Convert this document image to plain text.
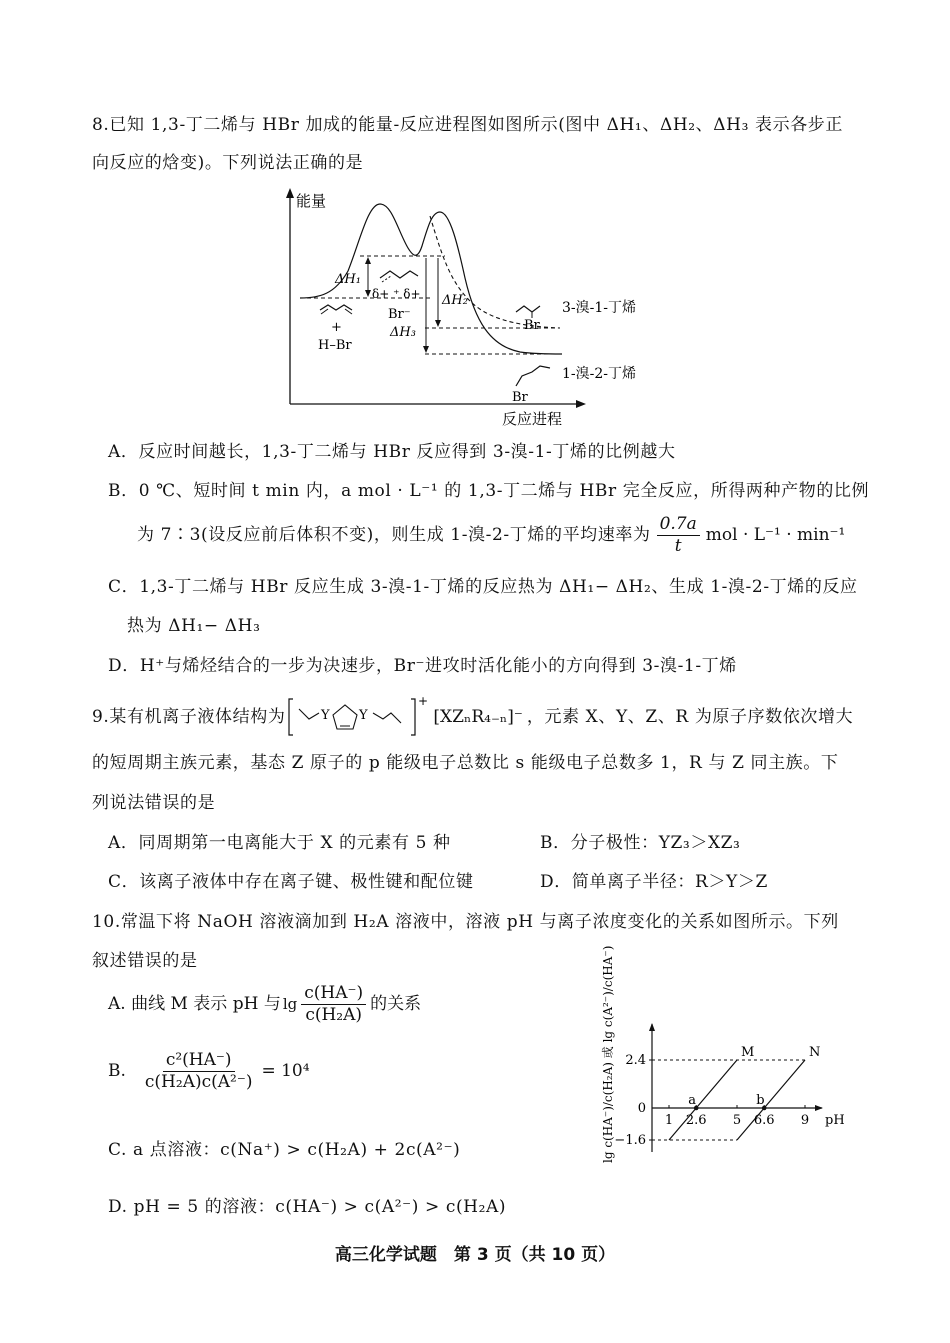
8.已知 1,3-丁二烯与 HBr 加成的能量-反应进程图如图所示(图中 ΔH₁、ΔH₂、ΔH₃ 表示各步正
向反应的焓变)。下列说法正确的是
能量
反应进程
ΔH₁
ΔH₂
ΔH₃
+
H–Br
δ+ ⁺ δ+
Br⁻
Br
3-溴-1-丁烯
Br
1-溴-2-丁烯
A．反应时间越长，1,3-丁二烯与 HBr 反应得到 3-溴-1-丁烯的比例越大
B．0 ℃、短时间 t min 内，a mol · L⁻¹ 的 1,3-丁二烯与 HBr 完全反应，所得两种产物的比例
为 7∶3(设反应前后体积不变)，则生成 1-溴-2-丁烯的平均速率为 $\frac{0.7a}{t}$ mol · L⁻¹ · min⁻¹
C．1,3-丁二烯与 HBr 反应生成 3-溴-1-丁烯的反应热为 ΔH₁− ΔH₂、生成 1-溴-2-丁烯的反应
热为 ΔH₁− ΔH₃
D．H⁺与烯烃结合的一步为决速步，Br⁻进攻时活化能小的方向得到 3-溴-1-丁烯
9.某有机离子液体结构为	Y Y
+
[XZₙR₄₋ₙ]⁻ ，元素 X、Y、Z、R 为原子序数依次增大
的短周期主族元素，基态 Z 原子的 p 能级电子总数比 s 能级电子总数多 1，R 与 Z 同主族。下
列说法错误的是
A．同周期第一电离能大于 X 的元素有 5 种	B．分子极性：YZ₃＞XZ₃
C．该离子液体中存在离子键、极性键和配位键	D．简单离子半径：R＞Y＞Z
10.常温下将 NaOH 溶液滴加到 H₂A 溶液中，溶液 pH 与离子浓度变化的关系如图所示。下列
叙述错误的是
A. 曲线 M 表示 pH 与 $\lg \frac{c(HA^-)}{\text{c(H₂A)}}$ 的关系
B. $\frac{\text{c²(HA⁻)}}{\text{c(H₂A)c(A²⁻)}} = 10^4$
C. a 点溶液：c(Na⁺) > c(H₂A) + 2c(A²⁻)
D. pH = 5 的溶液：c(HA⁻) > c(A²⁻) > c(H₂A)
lg c(HA⁻)/c(H₂A) 或 lg c(A²⁻)/c(HA⁻)	pH
2.4
0
−1.6
1 2.6 5 6.6 9
M	N
a	b
高三化学试题　第 3 页（共 10 页）
